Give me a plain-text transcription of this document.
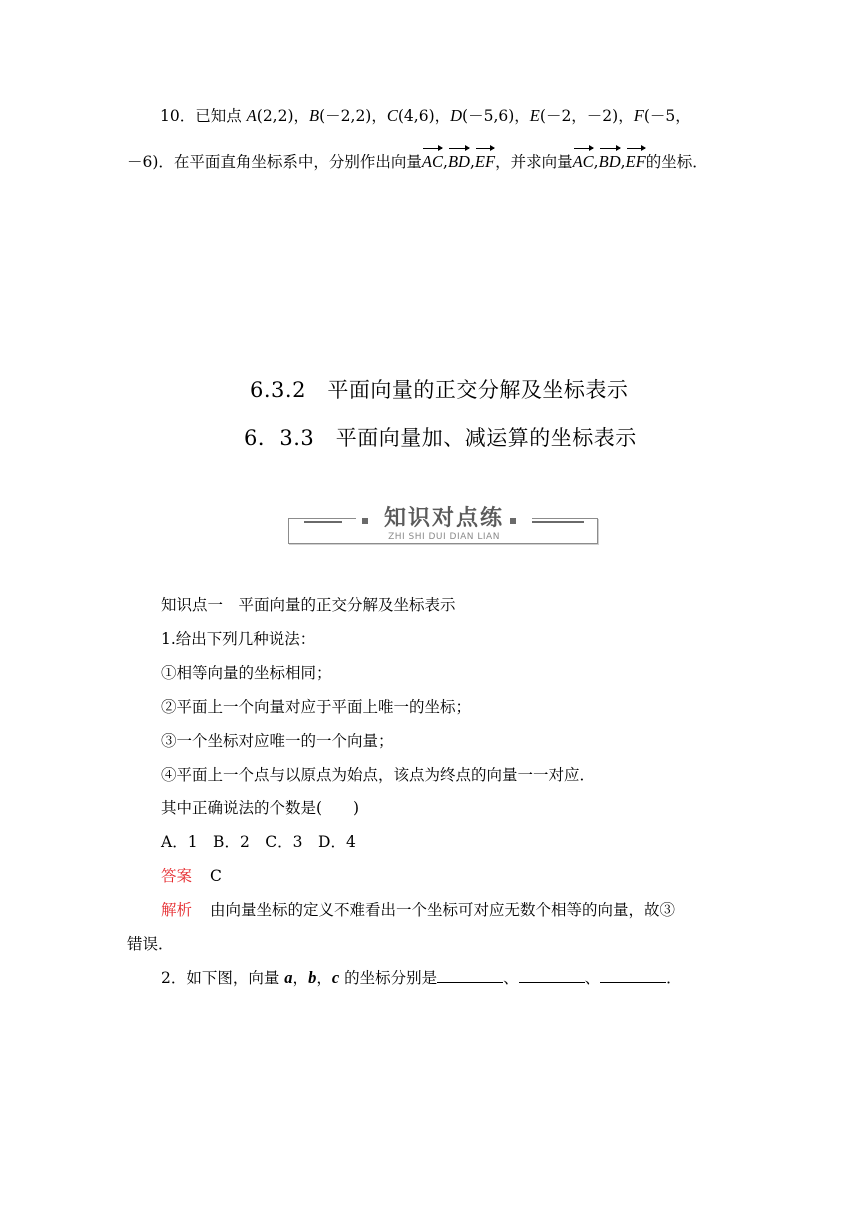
10．已知点 A(2,2)，B(－2,2)，C(4,6)，D(－5,6)，E(－2，－2)，F(－5，
－6)．在平面直角坐标系中，分别作出向量AC,BD,EF，并求向量AC,BD,EF的坐标．
6.3.2　平面向量的正交分解及坐标表示
6．3.3　平面向量加、减运算的坐标表示
知识对点练
ZHI SHI DUI DIAN LIAN
知识点一　平面向量的正交分解及坐标表示
1.给出下列几种说法：
①相等向量的坐标相同；
②平面上一个向量对应于平面上唯一的坐标；
③一个坐标对应唯一的一个向量；
④平面上一个点与以原点为始点，该点为终点的向量一一对应．
其中正确说法的个数是(　　)
A．1　B．2　C．3　D．4
答案 C
解析 由向量坐标的定义不难看出一个坐标可对应无数个相等的向量，故③
错误．
2．如下图，向量 a，b，c 的坐标分别是	、	、	．
